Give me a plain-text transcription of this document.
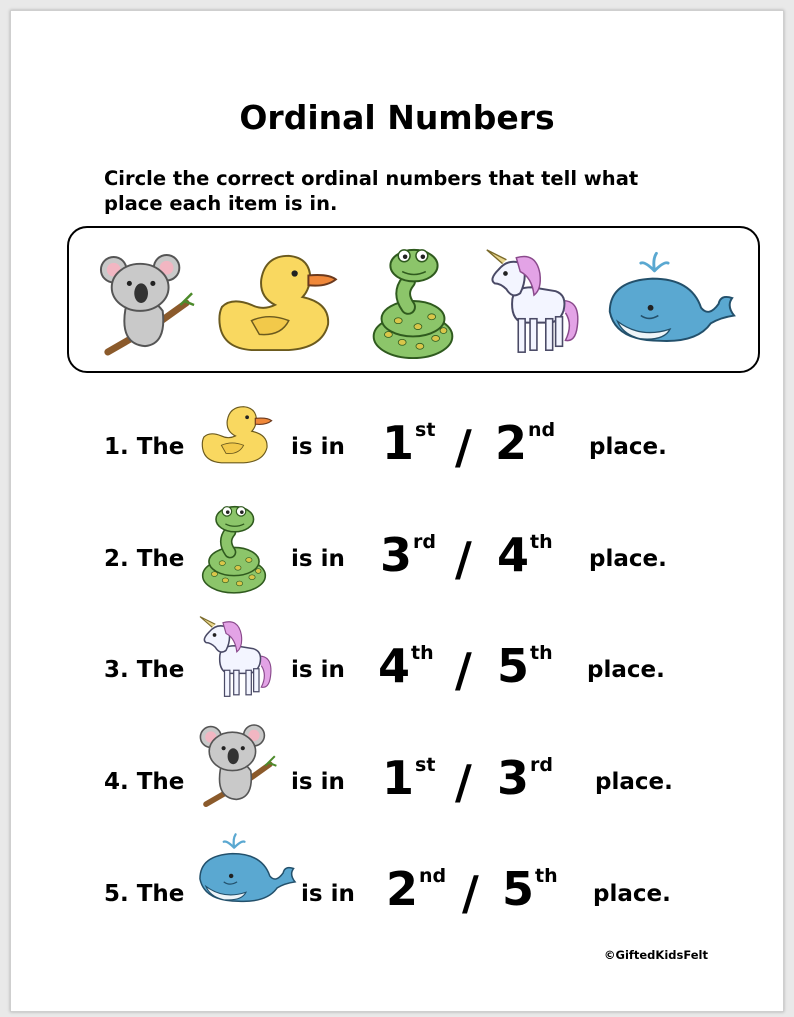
Ordinal Numbers
Circle the correct ordinal numbers that tell what
place each item is in.
1. The	is in 1st / 2nd
place.
2. The	is in 3rd / 4th
place.
3. The	is in 4th / 5th
place.
4. The	is in 1st / 3rd
place.
5. The	is in 2nd / 5th
place.
©GiftedKidsFelt
